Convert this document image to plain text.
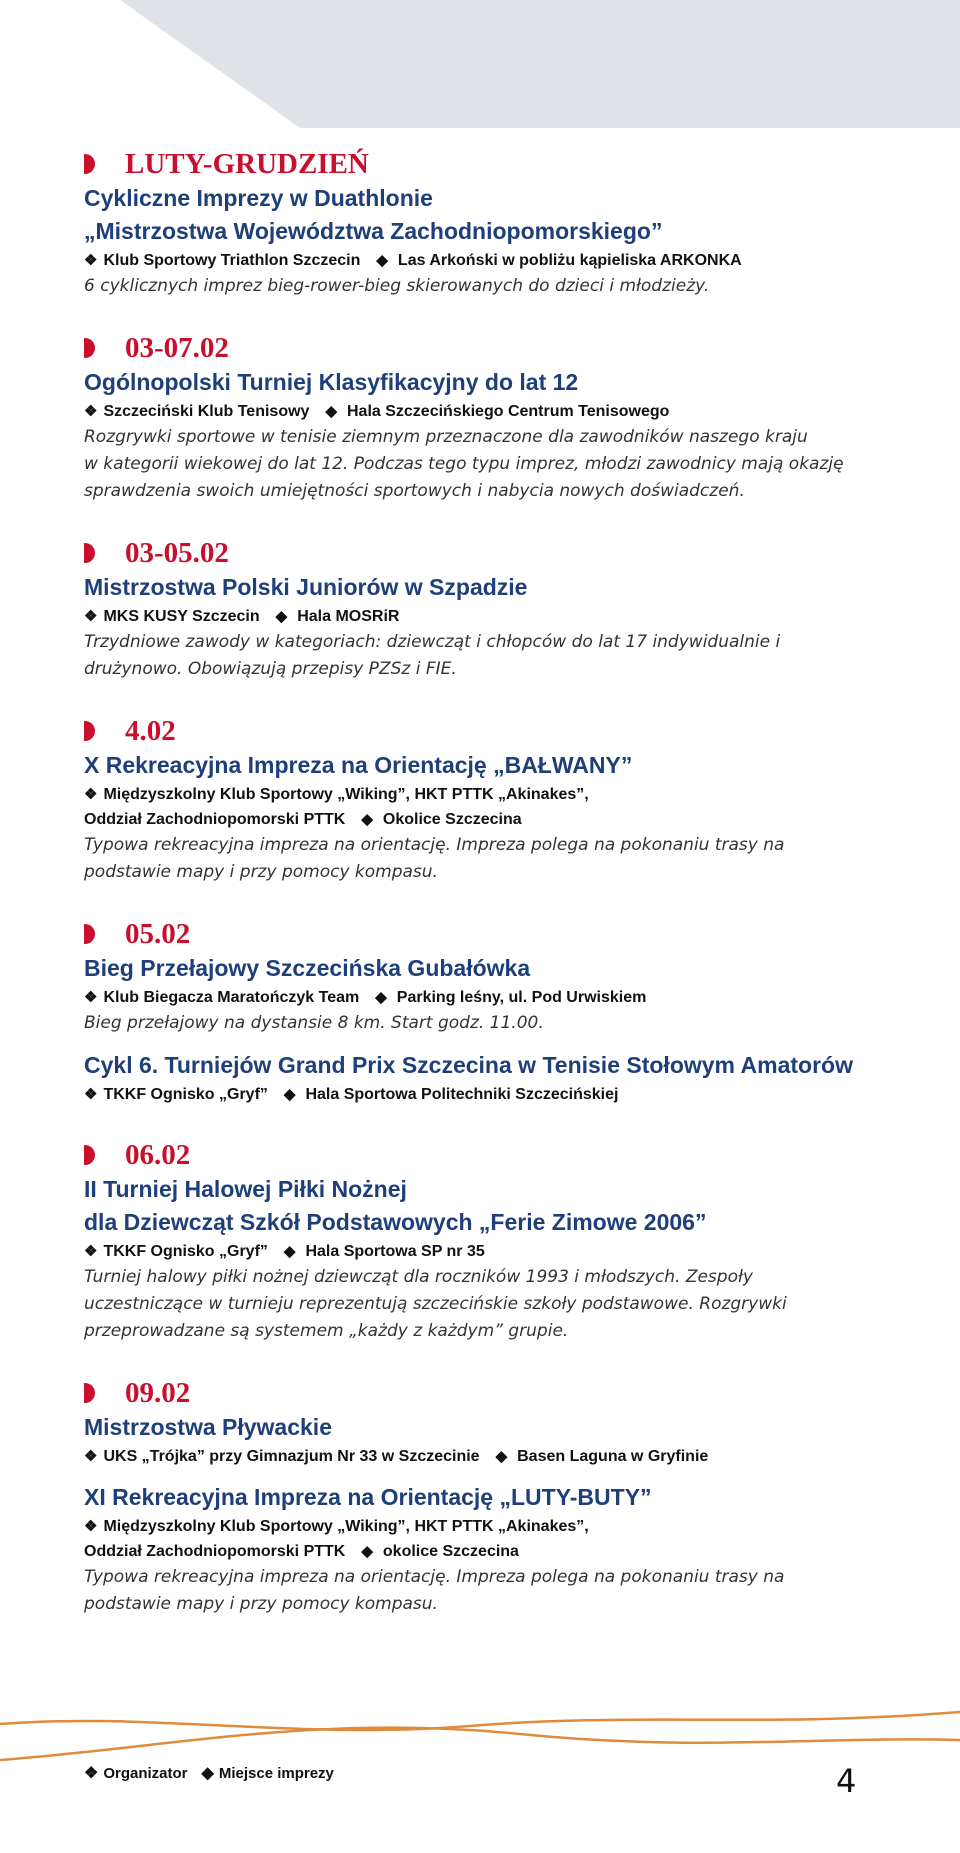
LUTY-GRUDZIEŃ
Cykliczne Imprezy w Duathlonie
„Mistrzostwa Województwa Zachodniopomorskiego”
❖ Klub Sportowy Triathlon Szczecin ◆ Las Arkoński w pobliżu kąpieliska ARKONKA
6 cyklicznych imprez bieg-rower-bieg skierowanych do dzieci i młodzieży.
03-07.02
Ogólnopolski Turniej Klasyfikacyjny do lat 12
❖ Szczeciński Klub Tenisowy ◆ Hala Szczecińskiego Centrum Tenisowego
Rozgrywki sportowe w tenisie ziemnym przeznaczone dla zawodników naszego kraju
w kategorii wiekowej do lat 12. Podczas tego typu imprez, młodzi zawodnicy mają okazję
sprawdzenia swoich umiejętności sportowych i nabycia nowych doświadczeń.
03-05.02
Mistrzostwa Polski Juniorów w Szpadzie
❖ MKS KUSY Szczecin ◆ Hala MOSRiR
Trzydniowe zawody w kategoriach: dziewcząt i chłopców do lat 17 indywidualnie i
drużynowo. Obowiązują przepisy PZSz i FIE.
4.02
X Rekreacyjna Impreza na Orientację „BAŁWANY”
❖ Międzyszkolny Klub Sportowy „Wiking”, HKT PTTK „Akinakes”,
Oddział Zachodniopomorski PTTK ◆ Okolice Szczecina
Typowa rekreacyjna impreza na orientację. Impreza polega na pokonaniu trasy na
podstawie mapy i przy pomocy kompasu.
05.02
Bieg Przełajowy Szczecińska Gubałówka
❖ Klub Biegacza Maratończyk Team ◆ Parking leśny, ul. Pod Urwiskiem
Bieg przełajowy na dystansie 8 km. Start godz. 11.00.
Cykl 6. Turniejów Grand Prix Szczecina w Tenisie Stołowym Amatorów
❖ TKKF Ognisko „Gryf” ◆ Hala Sportowa Politechniki Szczecińskiej
06.02
II Turniej Halowej Piłki Nożnej
dla Dziewcząt Szkół Podstawowych „Ferie Zimowe 2006”
❖ TKKF Ognisko „Gryf” ◆ Hala Sportowa SP nr 35
Turniej halowy piłki nożnej dziewcząt dla roczników 1993 i młodszych. Zespoły
uczestniczące w turnieju reprezentują szczecińskie szkoły podstawowe. Rozgrywki
przeprowadzane są systemem „każdy z każdym” grupie.
09.02
Mistrzostwa Pływackie
❖ UKS „Trójka” przy Gimnazjum Nr 33 w Szczecinie ◆ Basen Laguna w Gryfinie
XI Rekreacyjna Impreza na Orientację „LUTY-BUTY”
❖ Międzyszkolny Klub Sportowy „Wiking”, HKT PTTK „Akinakes”,
Oddział Zachodniopomorski PTTK ◆ okolice Szczecina
Typowa rekreacyjna impreza na orientację. Impreza polega na pokonaniu trasy na
podstawie mapy i przy pomocy kompasu.
❖ Organizator ◆ Miejsce imprezy	4
